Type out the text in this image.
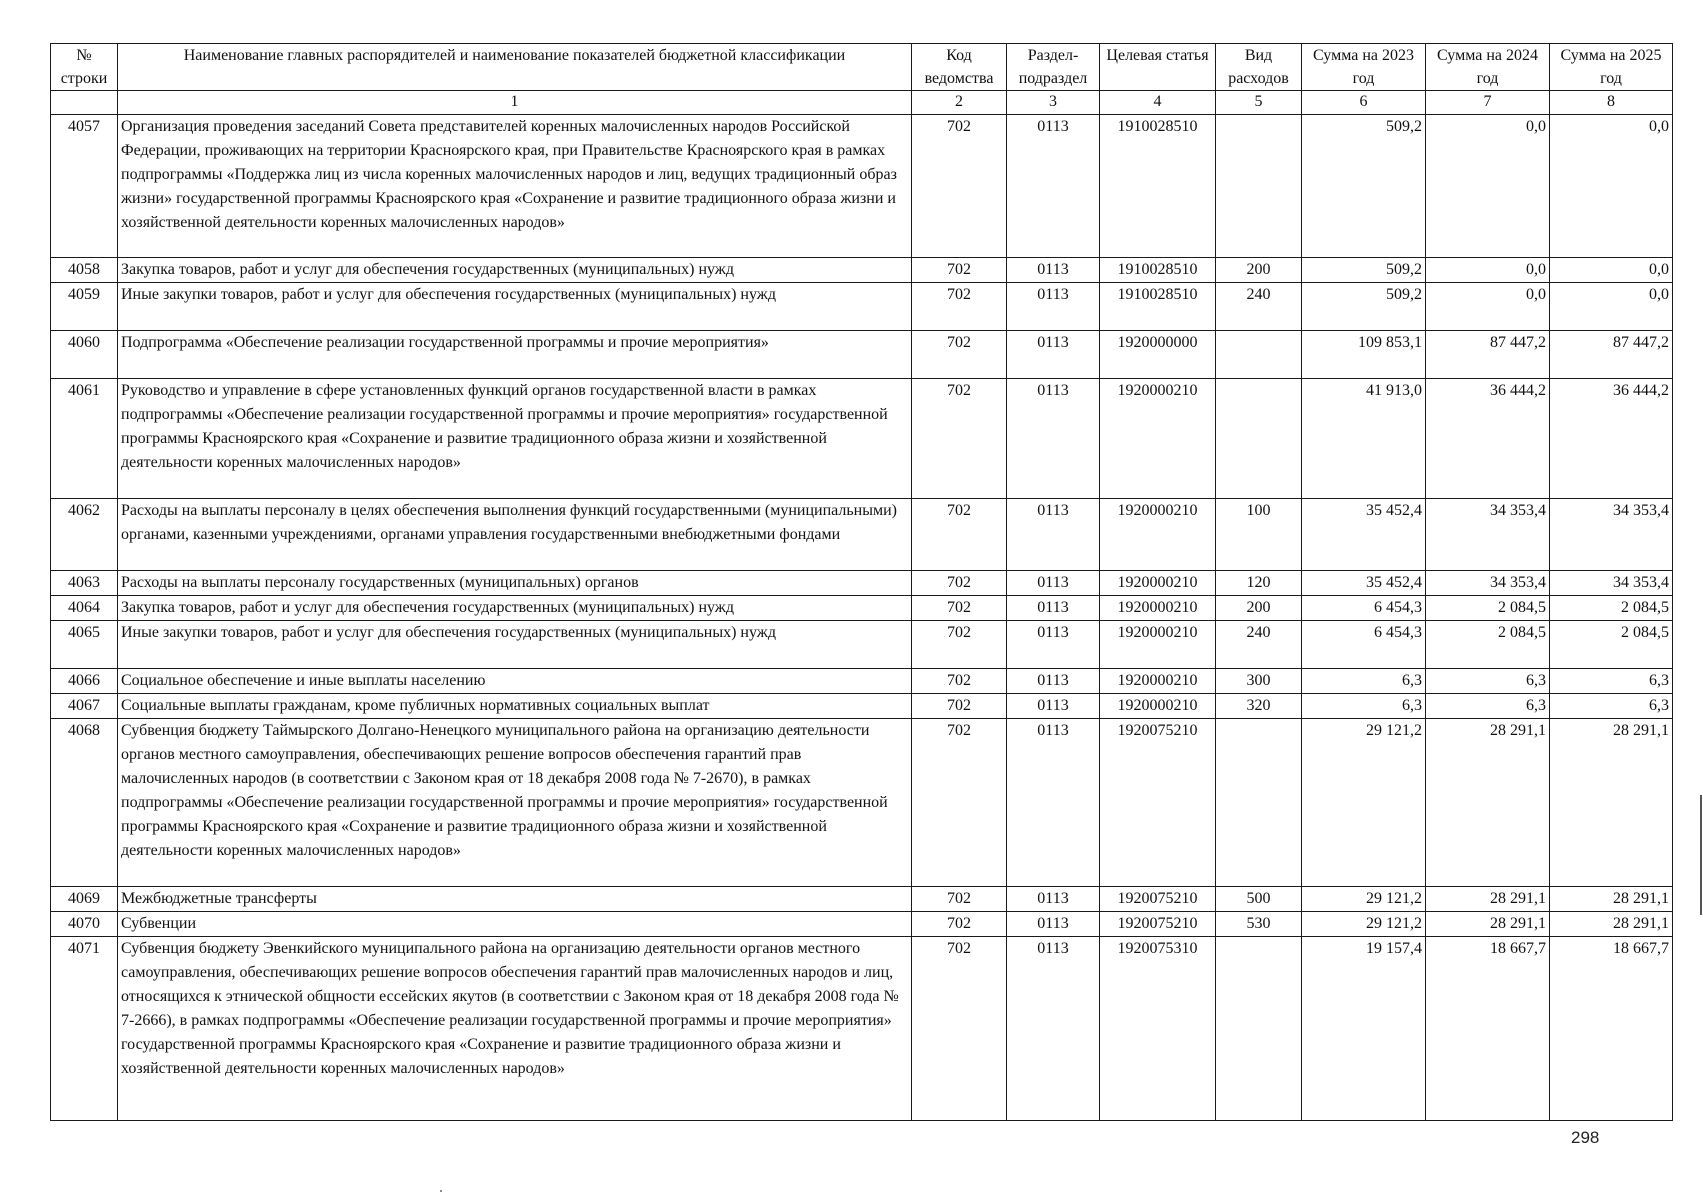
№ строки	Наименование главных распорядителей и наименование показателей бюджетной классификации	Код ведомства	Раздел-подраздел	Целевая статья	Вид расходов	Сумма на 2023 год	Сумма на 2024 год	Сумма на 2025 год
	1	2	3	4	5	6	7	8
4057	Организация проведения заседаний Совета представителей коренных малочисленных народов Российской Федерации, проживающих на территории Красноярского края, при Правительстве Красноярского края в рамках подпрограммы «Поддержка лиц из числа коренных малочисленных народов и лиц, ведущих традиционный образ жизни» государственной программы Красноярского края «Сохранение и развитие традиционного образа жизни и хозяйственной деятельности коренных малочисленных народов»	702	0113	1910028510		509,2	0,0	0,0
4058	Закупка товаров, работ и услуг для обеспечения государственных (муниципальных) нужд	702	0113	1910028510	200	509,2	0,0	0,0
4059	Иные закупки товаров, работ и услуг для обеспечения государственных (муниципальных) нужд	702	0113	1910028510	240	509,2	0,0	0,0
4060	Подпрограмма «Обеспечение реализации государственной программы и прочие мероприятия»	702	0113	1920000000		109 853,1	87 447,2	87 447,2
4061	Руководство и управление в сфере установленных функций органов государственной власти в рамках подпрограммы «Обеспечение реализации государственной программы и прочие мероприятия» государственной программы Красноярского края «Сохранение и развитие традиционного образа жизни и хозяйственной деятельности коренных малочисленных народов»	702	0113	1920000210		41 913,0	36 444,2	36 444,2
4062	Расходы на выплаты персоналу в целях обеспечения выполнения функций государственными (муниципальными) органами, казенными учреждениями, органами управления государственными внебюджетными фондами	702	0113	1920000210	100	35 452,4	34 353,4	34 353,4
4063	Расходы на выплаты персоналу государственных (муниципальных) органов	702	0113	1920000210	120	35 452,4	34 353,4	34 353,4
4064	Закупка товаров, работ и услуг для обеспечения государственных (муниципальных) нужд	702	0113	1920000210	200	6 454,3	2 084,5	2 084,5
4065	Иные закупки товаров, работ и услуг для обеспечения государственных (муниципальных) нужд	702	0113	1920000210	240	6 454,3	2 084,5	2 084,5
4066	Социальное обеспечение и иные выплаты населению	702	0113	1920000210	300	6,3	6,3	6,3
4067	Социальные выплаты гражданам, кроме публичных нормативных социальных выплат	702	0113	1920000210	320	6,3	6,3	6,3
4068	Субвенция бюджету Таймырского Долгано-Ненецкого муниципального района на организацию деятельности органов местного самоуправления, обеспечивающих решение вопросов обеспечения гарантий прав малочисленных народов (в соответствии с Законом края от 18 декабря 2008 года № 7-2670), в рамках подпрограммы «Обеспечение реализации государственной программы и прочие мероприятия» государственной программы Красноярского края «Сохранение и развитие традиционного образа жизни и хозяйственной деятельности коренных малочисленных народов»	702	0113	1920075210		29 121,2	28 291,1	28 291,1
4069	Межбюджетные трансферты	702	0113	1920075210	500	29 121,2	28 291,1	28 291,1
4070	Субвенции	702	0113	1920075210	530	29 121,2	28 291,1	28 291,1
4071	Субвенция бюджету Эвенкийского муниципального района на организацию деятельности органов местного самоуправления, обеспечивающих решение вопросов обеспечения гарантий прав малочисленных народов и лиц, относящихся к этнической общности ессейских якутов (в соответствии с Законом края от 18 декабря 2008 года № 7-2666), в рамках подпрограммы «Обеспечение реализации государственной программы и прочие мероприятия» государственной программы Красноярского края «Сохранение и развитие традиционного образа жизни и хозяйственной деятельности коренных малочисленных народов»	702	0113	1920075310		19 157,4	18 667,7	18 667,7
298
